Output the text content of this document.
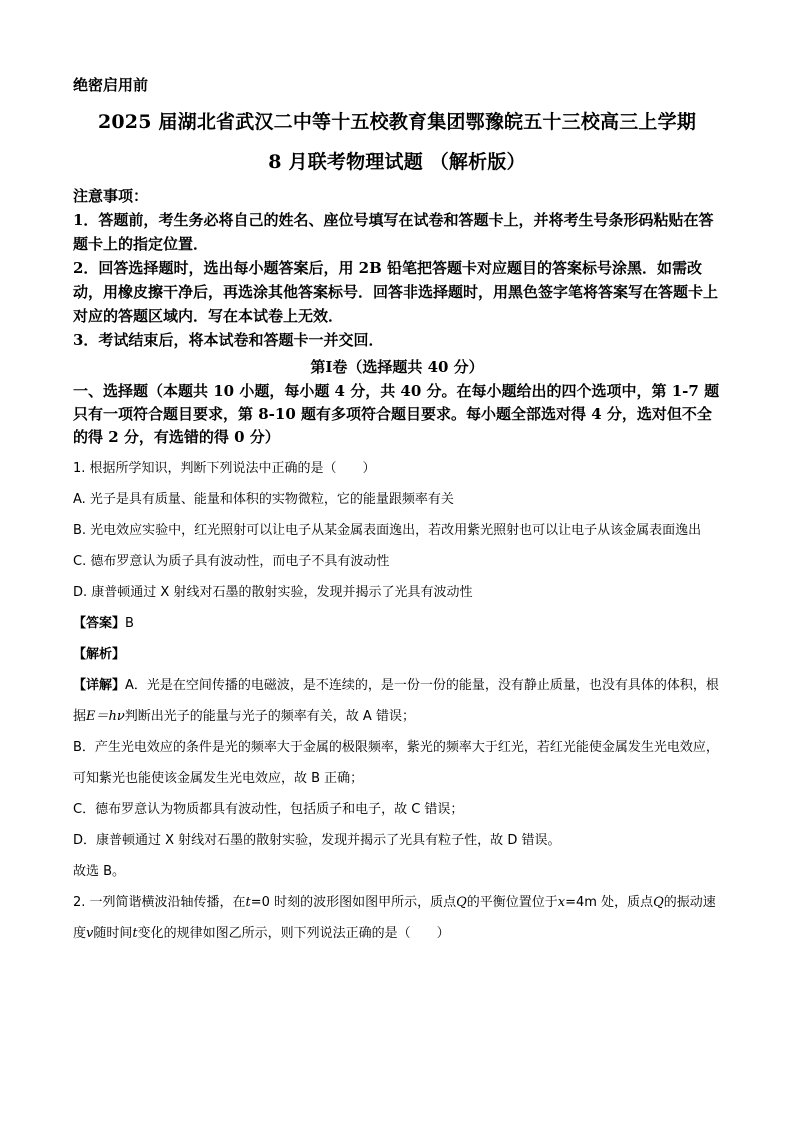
绝密启用前

2025 届湖北省武汉二中等十五校教育集团鄂豫皖五十三校高三上学期
8 月联考物理试题 （解析版）

注意事项：

1．答题前，考生务必将自己的姓名、座位号填写在试卷和答题卡上，并将考生号条形码粘贴在答题卡上的指定位置．

2．回答选择题时，选出每小题答案后，用 2B 铅笔把答题卡对应题目的答案标号涂黑．如需改动，用橡皮擦干净后，再选涂其他答案标号．回答非选择题时，用黑色签字笔将答案写在答题卡上对应的答题区域内．写在本试卷上无效．

3．考试结束后，将本试卷和答题卡一并交回．

第Ⅰ卷（选择题共 40 分）

一、选择题（本题共 10 小题，每小题 4 分，共 40 分。在每小题给出的四个选项中，第 1-7 题只有一项符合题目要求，第 8-10 题有多项符合题目要求。每小题全部选对得 4 分，选对但不全的得 2 分，有选错的得 0 分）

1. 根据所学知识，判断下列说法中正确的是（　　）

A. 光子是具有质量、能量和体积的实物微粒，它的能量跟频率有关

B. 光电效应实验中，红光照射可以让电子从某金属表面逸出，若改用紫光照射也可以让电子从该金属表面逸出

C. 德布罗意认为质子具有波动性，而电子不具有波动性

D. 康普顿通过 X 射线对石墨的散射实验，发现并揭示了光具有波动性

【答案】B

【解析】

【详解】A．光是在空间传播的电磁波，是不连续的，是一份一份的能量，没有静止质量，也没有具体的体积，根据E＝hν判断出光子的能量与光子的频率有关，故 A 错误；

B．产生光电效应的条件是光的频率大于金属的极限频率，紫光的频率大于红光，若红光能使金属发生光电效应，可知紫光也能使该金属发生光电效应，故 B 正确；

C．德布罗意认为物质都具有波动性，包括质子和电子，故 C 错误；

D．康普顿通过 X 射线对石墨的散射实验，发现并揭示了光具有粒子性，故 D 错误。

故选 B。

2. 一列简谐横波沿轴传播，在t=0 时刻的波形图如图甲所示，质点Q的平衡位置位于x=4m 处，质点Q的振动速度v随时间t变化的规律如图乙所示，则下列说法正确的是（　　）
